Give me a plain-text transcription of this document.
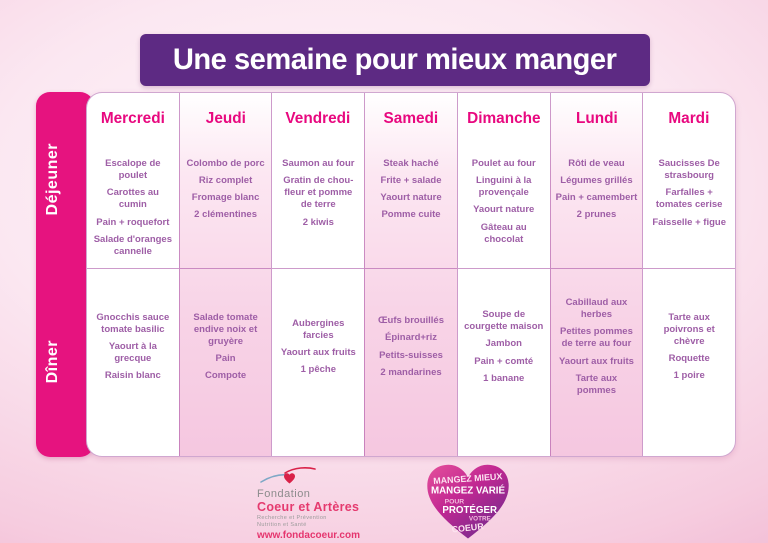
Une semaine pour mieux manger
Déjeuner
Dîner
Mercredi
Escalope de poulet
Carottes au cumin
Pain + roquefort
Salade d'oranges cannelle
Gnocchis sauce tomate basilic
Yaourt à la grecque
Raisin blanc
Jeudi
Colombo de porc
Riz complet
Fromage blanc
2 clémentines
Salade tomate endive noix et gruyère
Pain
Compote
Vendredi
Saumon au four
Gratin de chou-fleur et pomme de terre
2 kiwis
Aubergines farcies
Yaourt aux fruits
1 pêche
Samedi
Steak haché
Frite + salade
Yaourt nature
Pomme cuite
Œufs brouillés
Épinard+riz
Petits-suisses
2 mandarines
Dimanche
Poulet au four
Linguini à la provençale
Yaourt nature
Gâteau au chocolat
Soupe de courgette maison
Jambon
Pain + comté
1 banane
Lundi
Rôti de veau
Légumes grillés
Pain + camembert
2 prunes
Cabillaud aux herbes
Petites pommes de terre au four
Yaourt aux fruits
Tarte aux pommes
Mardi
Saucisses De strasbourg
Farfalles + tomates cerise
Faisselle + figue
Tarte aux poivrons et chèvre
Roquette
1 poire
Fondation
Coeur et Artères
Recherche et Prévention
Nutrition et Santé
www.fondacoeur.com
MANGEZ MIEUX
MANGEZ VARIÉ
POUR
PROTÉGER
VOTRE
COEUR
